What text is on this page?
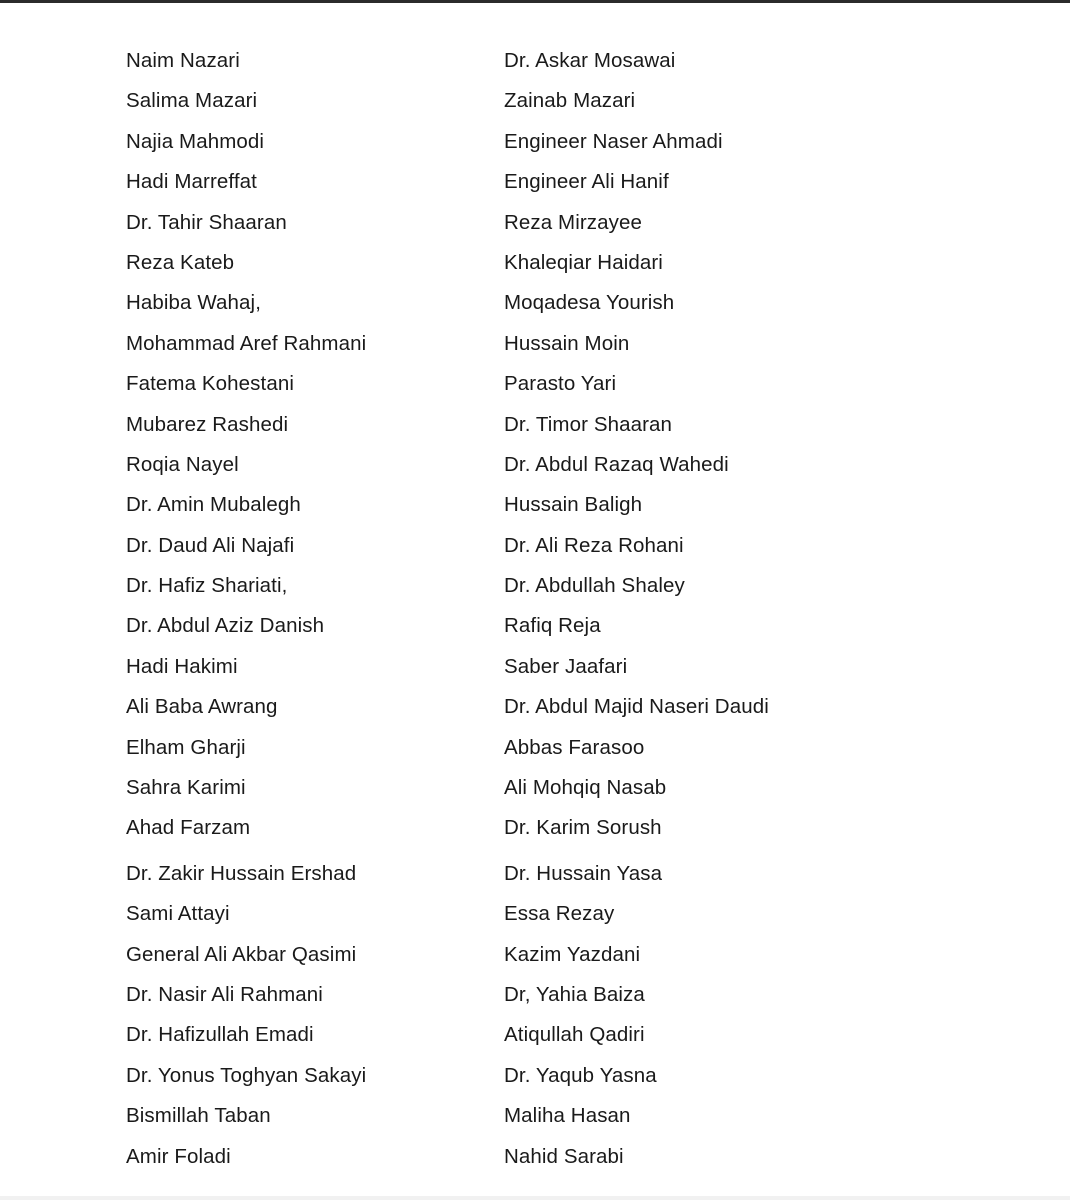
Naim Nazari
Salima Mazari
Najia Mahmodi
Hadi Marreffat
Dr. Tahir Shaaran
Reza Kateb
Habiba Wahaj,
Mohammad Aref Rahmani
Fatema Kohestani
Mubarez Rashedi
Roqia Nayel
Dr. Amin Mubalegh
Dr. Daud Ali Najafi
Dr. Hafiz Shariati,
Dr. Abdul Aziz Danish
Hadi Hakimi
Ali Baba Awrang
Elham Gharji
Sahra Karimi
Ahad Farzam
Dr. Zakir Hussain Ershad
Sami Attayi
General Ali Akbar Qasimi
Dr. Nasir Ali Rahmani
Dr. Hafizullah Emadi
Dr. Yonus Toghyan Sakayi
Bismillah Taban
Amir Foladi
Dr. Askar Mosawai
Zainab Mazari
Engineer Naser Ahmadi
Engineer Ali Hanif
Reza Mirzayee
Khaleqiar Haidari
Moqadesa Yourish
Hussain Moin
Parasto Yari
Dr. Timor Shaaran
Dr. Abdul Razaq Wahedi
Hussain Baligh
Dr. Ali Reza Rohani
Dr. Abdullah Shaley
Rafiq Reja
Saber Jaafari
Dr. Abdul Majid Naseri Daudi
Abbas Farasoo
Ali Mohqiq Nasab
Dr. Karim Sorush
Dr. Hussain Yasa
Essa Rezay
Kazim Yazdani
Dr, Yahia Baiza
Atiqullah Qadiri
Dr. Yaqub Yasna
Maliha Hasan
Nahid Sarabi
